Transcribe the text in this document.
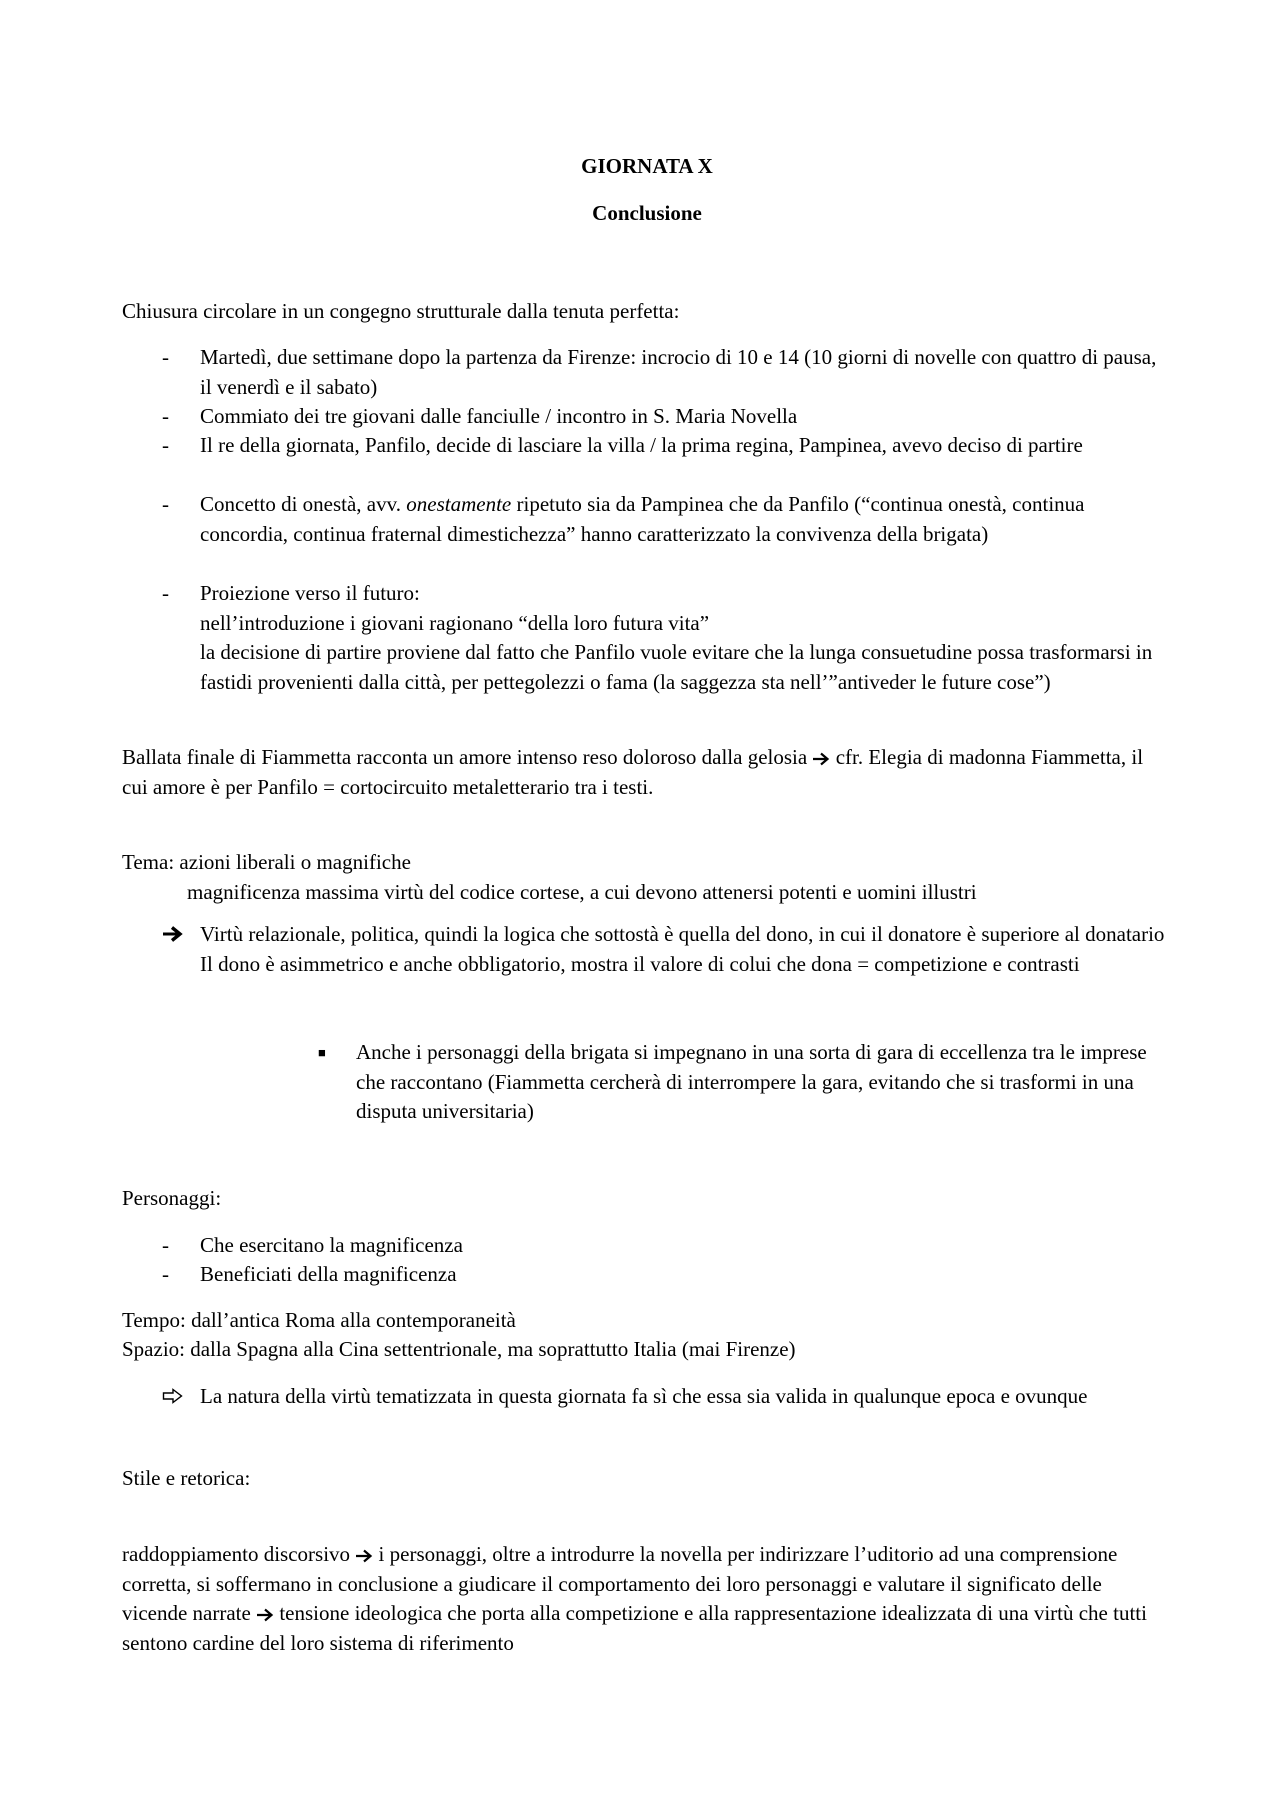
GIORNATA X
Conclusione

Chiusura circolare in un congegno strutturale dalla tenuta perfetta:

-	Martedì, due settimane dopo la partenza da Firenze: incrocio di 10 e 14 (10 giorni di novelle con quattro di pausa, il venerdì e il sabato)

-	Commiato dei tre giovani dalle fanciulle / incontro in S. Maria Novella

-	Il re della giornata, Panfilo, decide di lasciare la villa / la prima regina, Pampinea, avevo deciso di partire

-	Concetto di onestà, avv. onestamente ripetuto sia da Pampinea che da Panfilo (“continua onestà, continua concordia, continua fraternal dimestichezza” hanno caratterizzato la convivenza della brigata)

-	Proiezione verso il futuro:
nell’introduzione i giovani ragionano “della loro futura vita”
la decisione di partire proviene dal fatto che Panfilo vuole evitare che la lunga consuetudine possa trasformarsi in fastidi provenienti dalla città, per pettegolezzi o fama (la saggezza sta nell’”antiveder le future cose”)

Ballata finale di Fiammetta racconta un amore intenso reso doloroso dalla gelosia  cfr. Elegia di madonna Fiammetta, il cui amore è per Panfilo = cortocircuito metaletterario tra i testi.

Tema: azioni liberali o magnifiche
magnificenza massima virtù del codice cortese, a cui devono attenersi potenti e uomini illustri
Virtù relazionale, politica, quindi la logica che sottostà è quella del dono, in cui il donatore è superiore al donatario
Il dono è asimmetrico e anche obbligatorio, mostra il valore di colui che dona = competizione e contrasti
■ Anche i personaggi della brigata si impegnano in una sorta di gara di eccellenza tra le imprese che raccontano (Fiammetta cercherà di interrompere la gara, evitando che si trasformi in una disputa universitaria)

Personaggi:
-	Che esercitano la magnificenza

-	Beneficiati della magnificenza

Tempo: dall’antica Roma alla contemporaneità
Spazio: dalla Spagna alla Cina settentrionale, ma soprattutto Italia (mai Firenze)

La natura della virtù tematizzata in questa giornata fa sì che essa sia valida in qualunque epoca e ovunque

Stile e retorica:

raddoppiamento discorsivo  i personaggi, oltre a introdurre la novella per indirizzare l’uditorio ad una comprensione corretta, si soffermano in conclusione a giudicare il comportamento dei loro personaggi e valutare il significato delle vicende narrate  tensione ideologica che porta alla competizione e alla rappresentazione idealizzata di una virtù che tutti sentono cardine del loro sistema di riferimento
